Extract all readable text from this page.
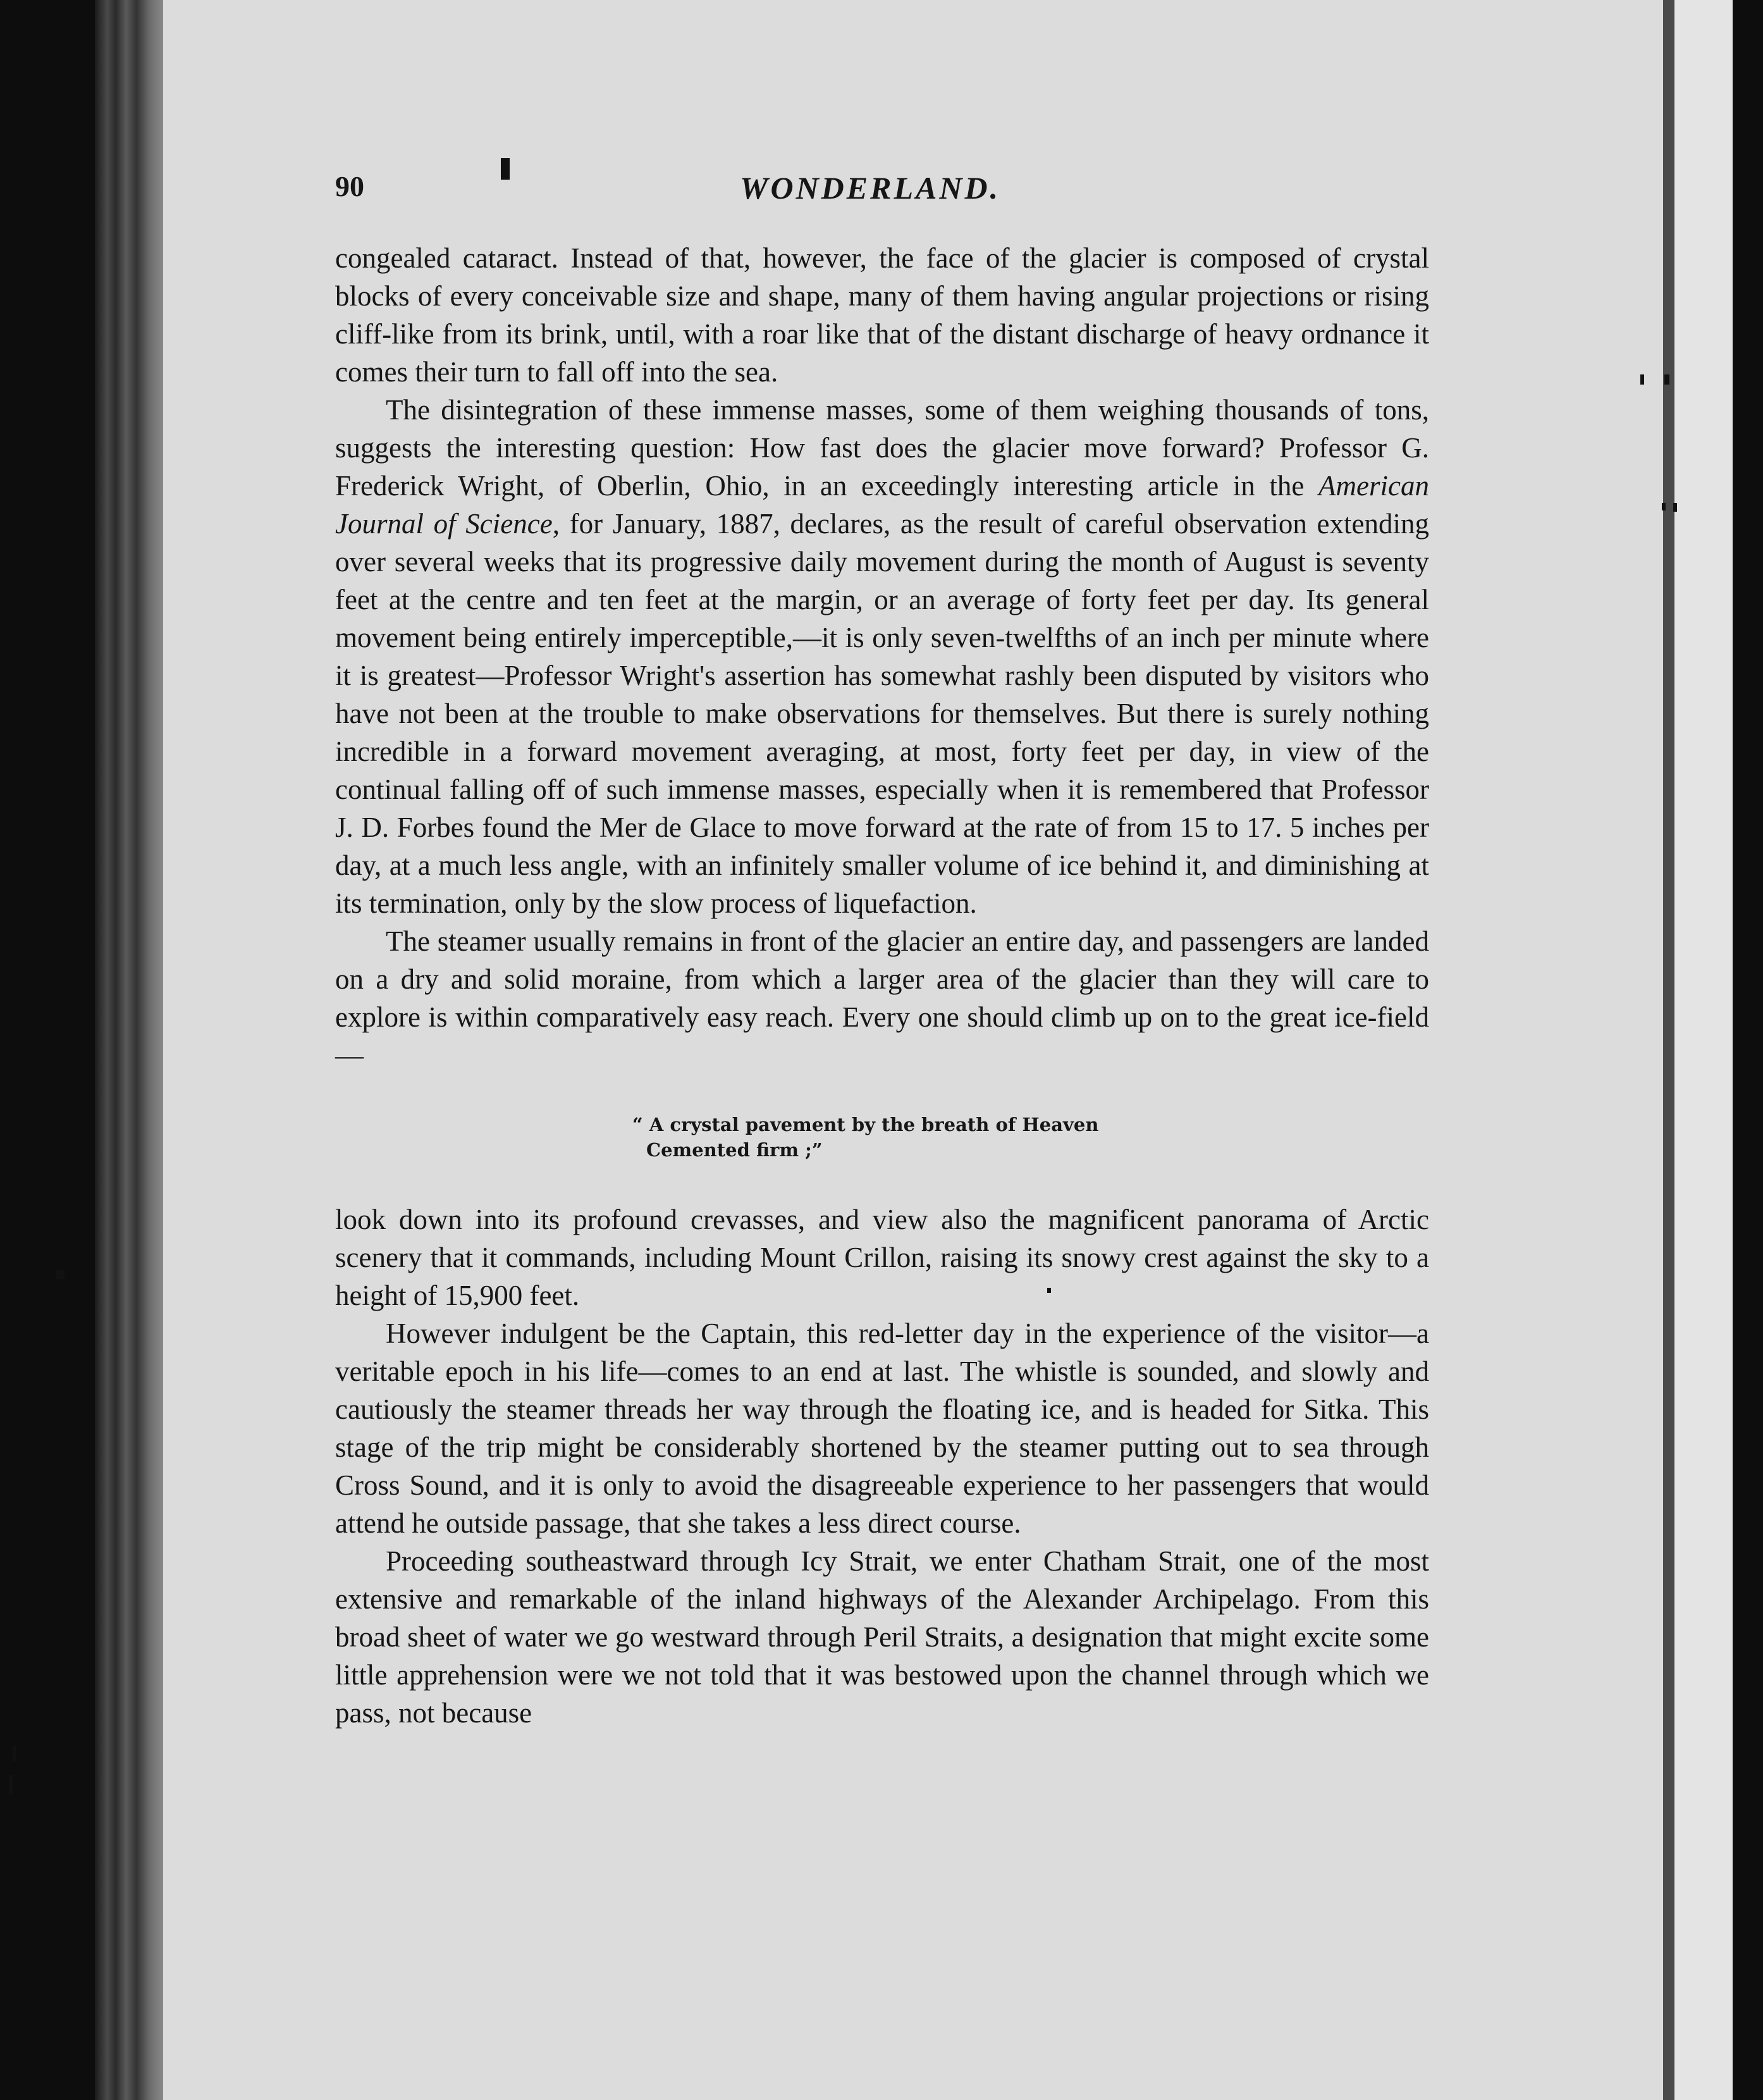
90	WONDERLAND.

congealed cataract. Instead of that, however, the face of the glacier is composed of crystal blocks of every conceivable size and shape, many of them having angular projections or rising cliff-like from its brink, until, with a roar like that of the distant discharge of heavy ordnance it comes their turn to fall off into the sea.

The disintegration of these immense masses, some of them weighing thousands of tons, suggests the interesting question: How fast does the glacier move forward? Professor G. Frederick Wright, of Oberlin, Ohio, in an exceedingly interesting article in the American Journal of Science, for January, 1887, declares, as the result of careful observation extending over several weeks that its progressive daily movement during the month of August is seventy feet at the centre and ten feet at the margin, or an average of forty feet per day. Its general movement being entirely imperceptible,—it is only seven-twelfths of an inch per minute where it is greatest—Professor Wright's assertion has somewhat rashly been disputed by visitors who have not been at the trouble to make observations for themselves. But there is surely nothing incredible in a forward movement averaging, at most, forty feet per day, in view of the continual falling off of such immense masses, especially when it is remembered that Professor J. D. Forbes found the Mer de Glace to move forward at the rate of from 15 to 17. 5 inches per day, at a much less angle, with an infinitely smaller volume of ice behind it, and diminishing at its termination, only by the slow process of liquefaction.

The steamer usually remains in front of the glacier an entire day, and passengers are landed on a dry and solid moraine, from which a larger area of the glacier than they will care to explore is within comparatively easy reach. Every one should climb up on to the great ice-field—

“ A crystal pavement by the breath of Heaven
Cemented firm ;”

look down into its profound crevasses, and view also the magnificent panorama of Arctic scenery that it commands, including Mount Crillon, raising its snowy crest against the sky to a height of 15,900 feet.

However indulgent be the Captain, this red-letter day in the experience of the visitor—a veritable epoch in his life—comes to an end at last. The whistle is sounded, and slowly and cautiously the steamer threads her way through the floating ice, and is headed for Sitka. This stage of the trip might be considerably shortened by the steamer putting out to sea through Cross Sound, and it is only to avoid the disagreeable experience to her passengers that would attend he outside passage, that she takes a less direct course.

Proceeding southeastward through Icy Strait, we enter Chatham Strait, one of the most extensive and remarkable of the inland highways of the Alexander Archipelago. From this broad sheet of water we go westward through Peril Straits, a designation that might excite some little apprehension were we not told that it was bestowed upon the channel through which we pass, not because
